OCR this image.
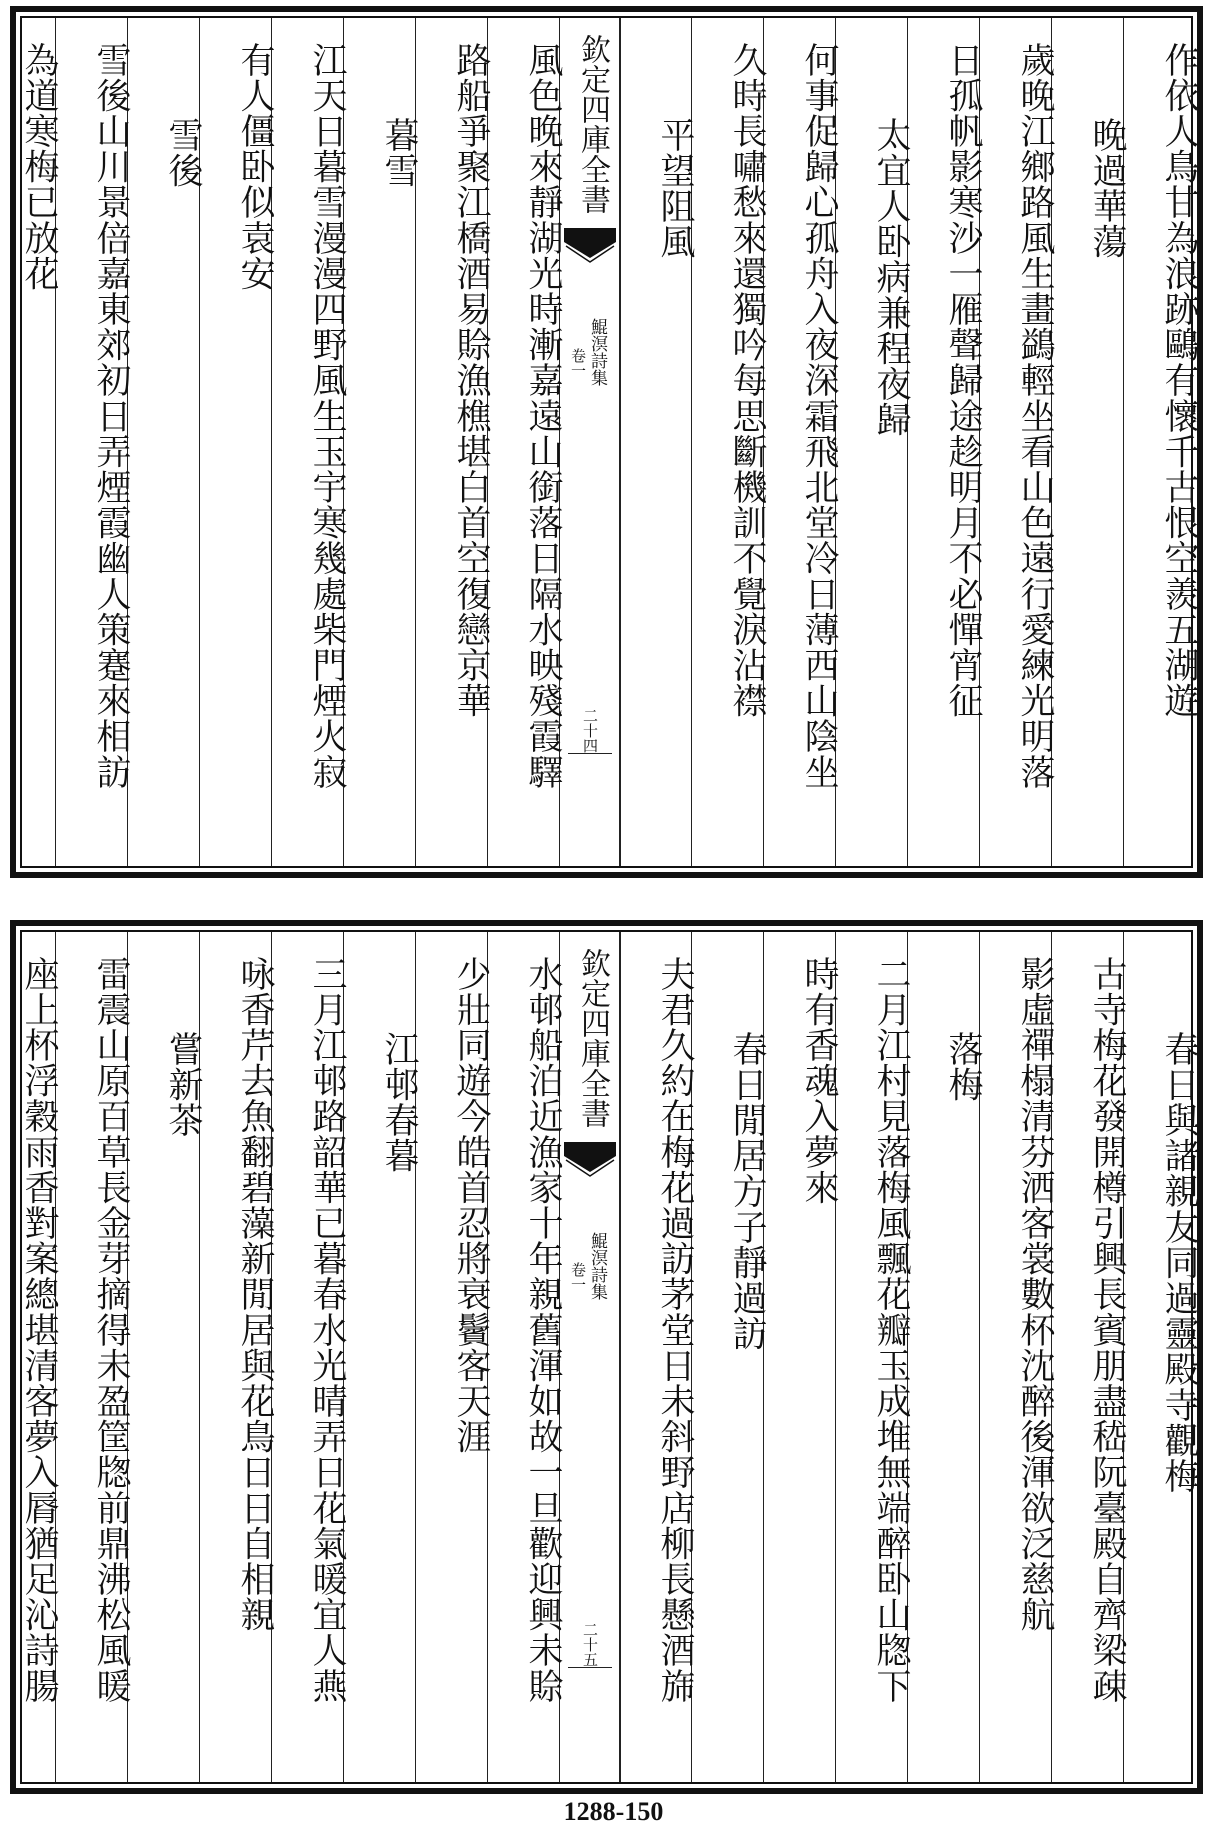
作依人鳥甘為浪跡鷗有懷千古恨空羨五湖遊
晚過華蕩
歲晚江鄉路風生畫鷁輕坐看山色遠行愛練光明落
日孤帆影寒沙一雁聲歸途趁明月不必憚宵征
太宜人卧病兼程夜歸
何事促歸心孤舟入夜深霜飛北堂冷日薄西山陰坐
久時長嘯愁來還獨吟每思斷機訓不覺淚沾襟
平望阻風
欽定四庫全書
鯤溟詩集
卷一
二十四
風色晚來靜湖光時漸嘉遠山銜落日隔水映殘霞驛
路船爭聚江橋酒易賒漁樵堪白首空復戀京華
暮雪
江天日暮雪漫漫四野風生玉宇寒幾處柴門煙火寂
有人僵卧似袁安
雪後
雪後山川景倍嘉東郊初日弄煙霞幽人策蹇來相訪
為道寒梅已放花
春日與諸親友同過靈殿寺觀梅
古寺梅花發開樽引興長賓朋盡嵇阮臺殿自齊梁疎
影虛禪榻清芬洒客裳數杯沈醉後渾欲泛慈航
落梅
二月江村見落梅風飄花瓣玉成堆無端醉卧山牎下
時有香魂入夢來
春日閒居方子靜過訪
夫君久約在梅花過訪茅堂日未斜野店柳長懸酒旆
欽定四庫全書
鯤溟詩集
卷一
二十五
水邨船泊近漁家十年親舊渾如故一旦歡迎興未賒
少壯同遊今皓首忍將衰鬢客天涯
江邨春暮
三月江邨路韶華已暮春水光晴弄日花氣暖宜人燕
咏香芹去魚翻碧藻新閒居與花鳥日日自相親
嘗新茶
雷震山原百草長金芽摘得未盈筐牎前鼎沸松風暖
座上杯浮穀雨香對案總堪清客夢入脣猶足沁詩腸
1288-150
